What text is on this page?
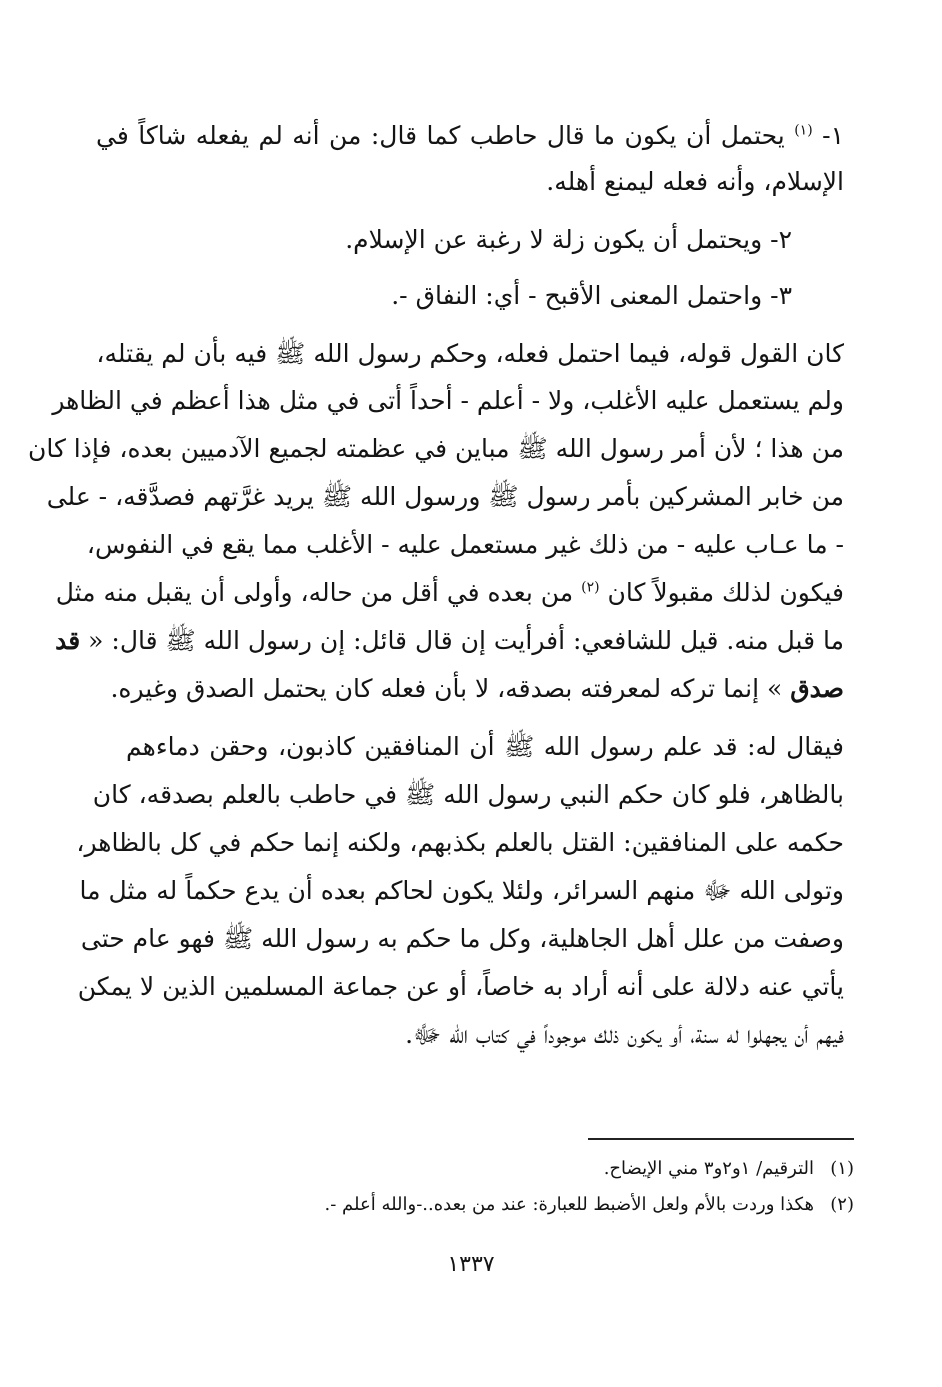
١- $^{(١)}$ يحتمل أن يكون ما قال حاطب كما قال: من أنه لم يفعله شاكاً في
الإسلام، وأنه فعله ليمنع أهله.
٢- ويحتمل أن يكون زلة لا رغبة عن الإسلام.
٣- واحتمل المعنى الأقبح - أي: النفاق -.
كان القول قوله، فيما احتمل فعله، وحكم رسول الله ﷺ فيه بأن لم يقتله،
ولم يستعمل عليه الأغلب، ولا - أعلم - أحداً أتى في مثل هذا أعظم في الظاهر
من هذا ؛ لأن أمر رسول الله ﷺ مباين في عظمته لجميع الآدميين بعده، فإذا كان
من خابر المشركين بأمر رسول ﷺ ورسول الله ﷺ يريد غرَّتهم فصدَّقه، - على
- ما عـاب عليه - من ذلك غير مستعمل عليه - الأغلب مما يقع في النفوس،
فيكون لذلك مقبولاً كان $^{(٢)}$ من بعده في أقل من حاله، وأولى أن يقبل منه مثل
ما قبل منه. قيل للشافعي: أفرأيت إن قال قائل: إن رسول الله ﷺ قال: « قد
صدق » إنما تركه لمعرفته بصدقه، لا بأن فعله كان يحتمل الصدق وغيره.
فيقال له: قد علم رسول الله ﷺ أن المنافقين كاذبون، وحقن دماءهم
بالظاهر، فلو كان حكم النبي رسول الله ﷺ في حاطب بالعلم بصدقه، كان
حكمه على المنافقين: القتل بالعلم بكذبهم، ولكنه إنما حكم في كل بالظاهر،
وتولى الله ﷻ منهم السرائر، ولئلا يكون لحاكم بعده أن يدع حكماً له مثل ما
وصفت من علل أهل الجاهلية، وكل ما حكم به رسول الله ﷺ فهو عام حتى
يأتي عنه دلالة على أنه أراد به خاصاً، أو عن جماعة المسلمين الذين لا يمكن
فيهم أن يجهلوا له سنة، أو يكون ذلك موجوداً في كتاب الله ﷻ.
(١)الترقيم/ ١و٢و٣ مني الإيضاح.
(٢)هكذا وردت بالأم ولعل الأضبط للعبارة: عند من بعده..-والله أعلم -.
١٣٣٧
